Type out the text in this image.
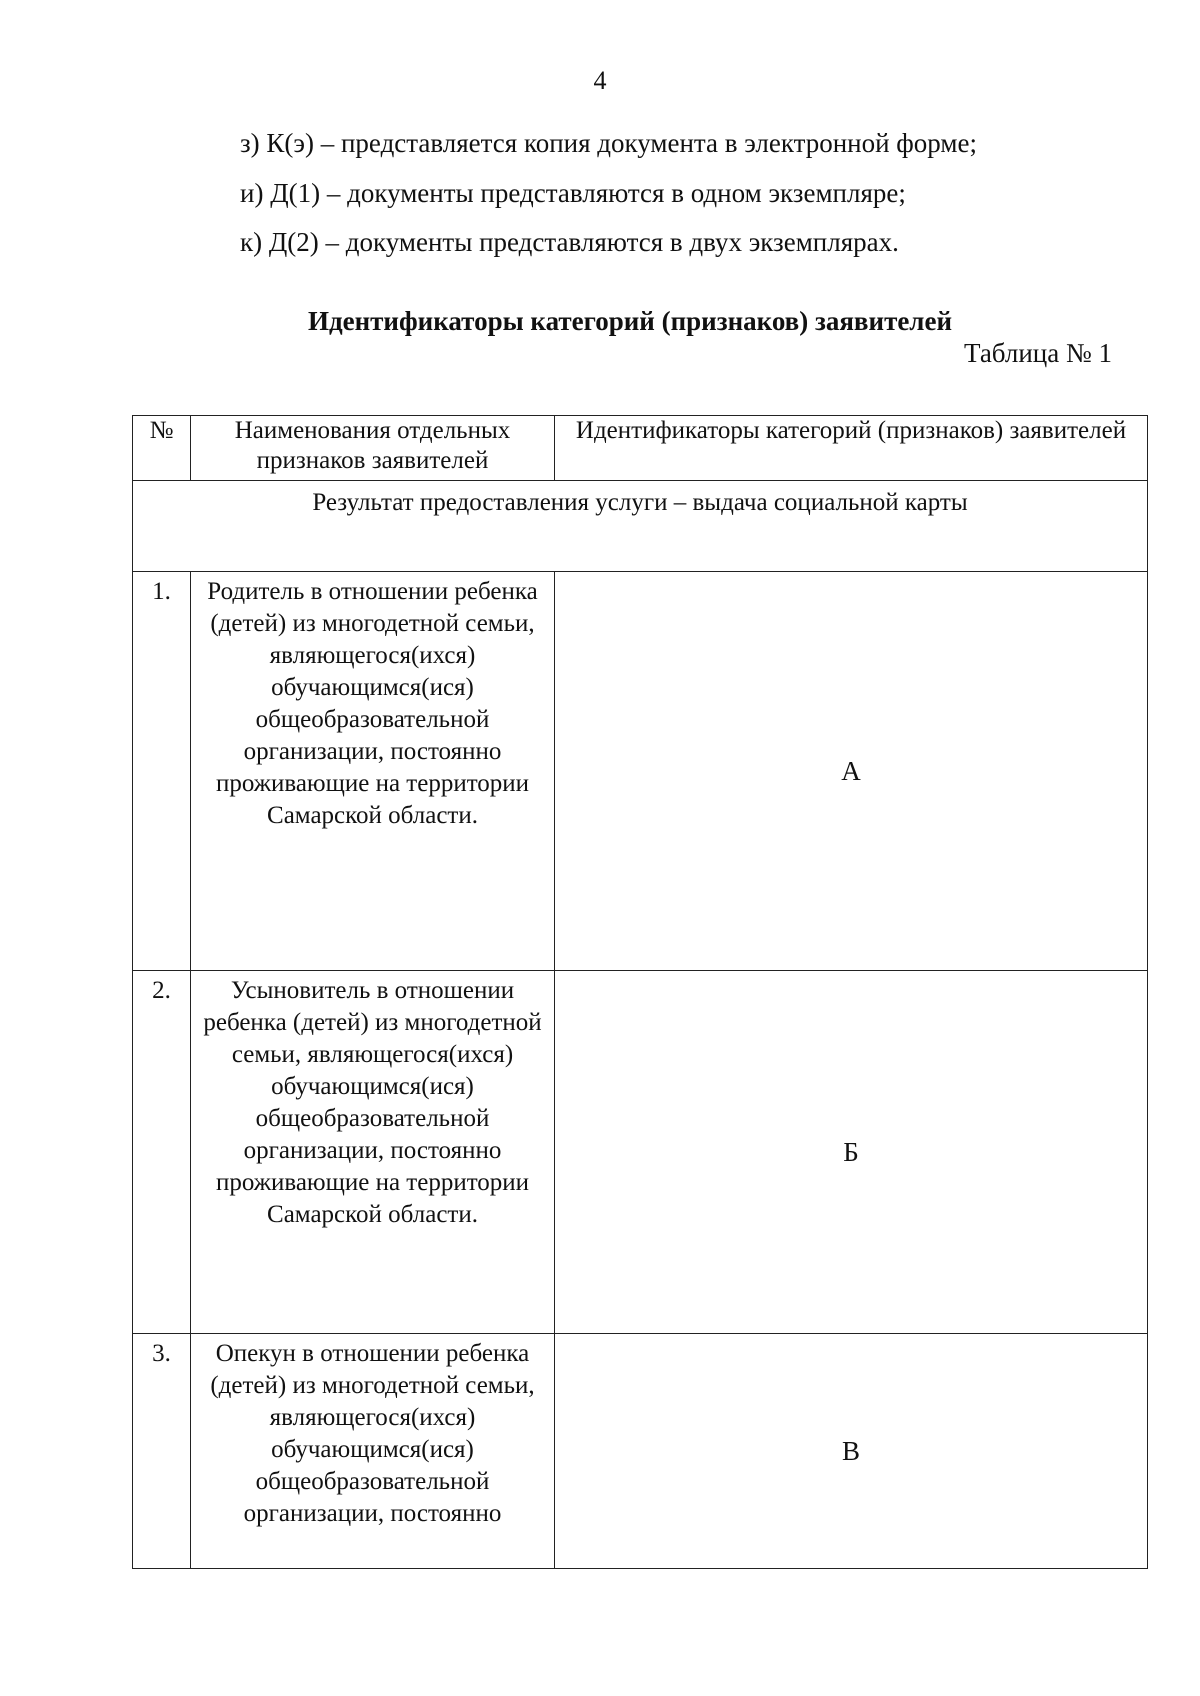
4
з) К(э) – представляется копия документа в электронной форме;
и) Д(1) – документы представляются в одном экземпляре;
к) Д(2) – документы представляются в двух экземплярах.
Идентификаторы категорий (признаков) заявителей
Таблица № 1
№	Наименования отдельных признаков заявителей	Идентификаторы категорий (признаков) заявителей
Результат предоставления услуги – выдача социальной карты		
1.	Родитель в отношении ребенка (детей) из многодетной семьи, являющегося(ихся) обучающимся(ися) общеобразовательной организации, постоянно проживающие на территории Самарской области.	А
2.	Усыновитель в отношении ребенка (детей) из многодетной семьи, являющегося(ихся) обучающимся(ися) общеобразовательной организации, постоянно проживающие на территории Самарской области.	Б
3.	Опекун в отношении ребенка (детей) из многодетной семьи, являющегося(ихся) обучающимся(ися) общеобразовательной организации, постоянно	В
